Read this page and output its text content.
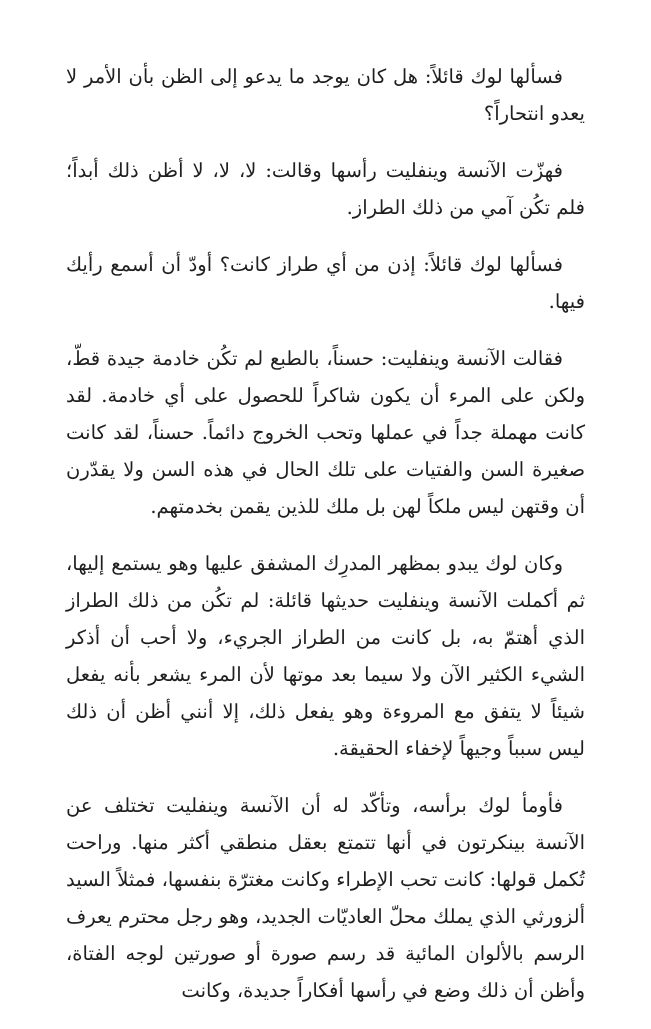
فسألها لوك قائلاً: هل كان يوجد ما يدعو إلى الظن بأن الأمر لا يعدو انتحاراً؟

فهزّت الآنسة وينفليت رأسها وقالت: لا، لا، لا أظن ذلك أبداً؛ فلم تكُن آمي من ذلك الطراز.

فسألها لوك قائلاً: إذن من أي طراز كانت؟ أودّ أن أسمع رأيك فيها.

فقالت الآنسة وينفليت: حسناً، بالطبع لم تكُن خادمة جيدة قطّ، ولكن على المرء أن يكون شاكراً للحصول على أي خادمة. لقد كانت مهملة جداً في عملها وتحب الخروج دائماً. حسناً، لقد كانت صغيرة السن والفتيات على تلك الحال في هذه السن ولا يقدّرن أن وقتهن ليس ملكاً لهن بل ملك للذين يقمن بخدمتهم.

وكان لوك يبدو بمظهر المدرِك المشفق عليها وهو يستمع إليها، ثم أكملت الآنسة وينفليت حديثها قائلة: لم تكُن من ذلك الطراز الذي أهتمّ به، بل كانت من الطراز الجريء، ولا أحب أن أذكر الشيء الكثير الآن ولا سيما بعد موتها لأن المرء يشعر بأنه يفعل شيئاً لا يتفق مع المروءة وهو يفعل ذلك، إلا أنني أظن أن ذلك ليس سبباً وجيهاً لإخفاء الحقيقة.

فأومأ لوك برأسه، وتأكّد له أن الآنسة وينفليت تختلف عن الآنسة بينكرتون في أنها تتمتع بعقل منطقي أكثر منها. وراحت تُكمل قولها: كانت تحب الإطراء وكانت مغترّة بنفسها، فمثلاً السيد ألزورثي الذي يملك محلّ العاديّات الجديد، وهو رجل محترم يعرف الرسم بالألوان المائية قد رسم صورة أو صورتين لوجه الفتاة، وأظن أن ذلك وضع في رأسها أفكاراً جديدة، وكانت
